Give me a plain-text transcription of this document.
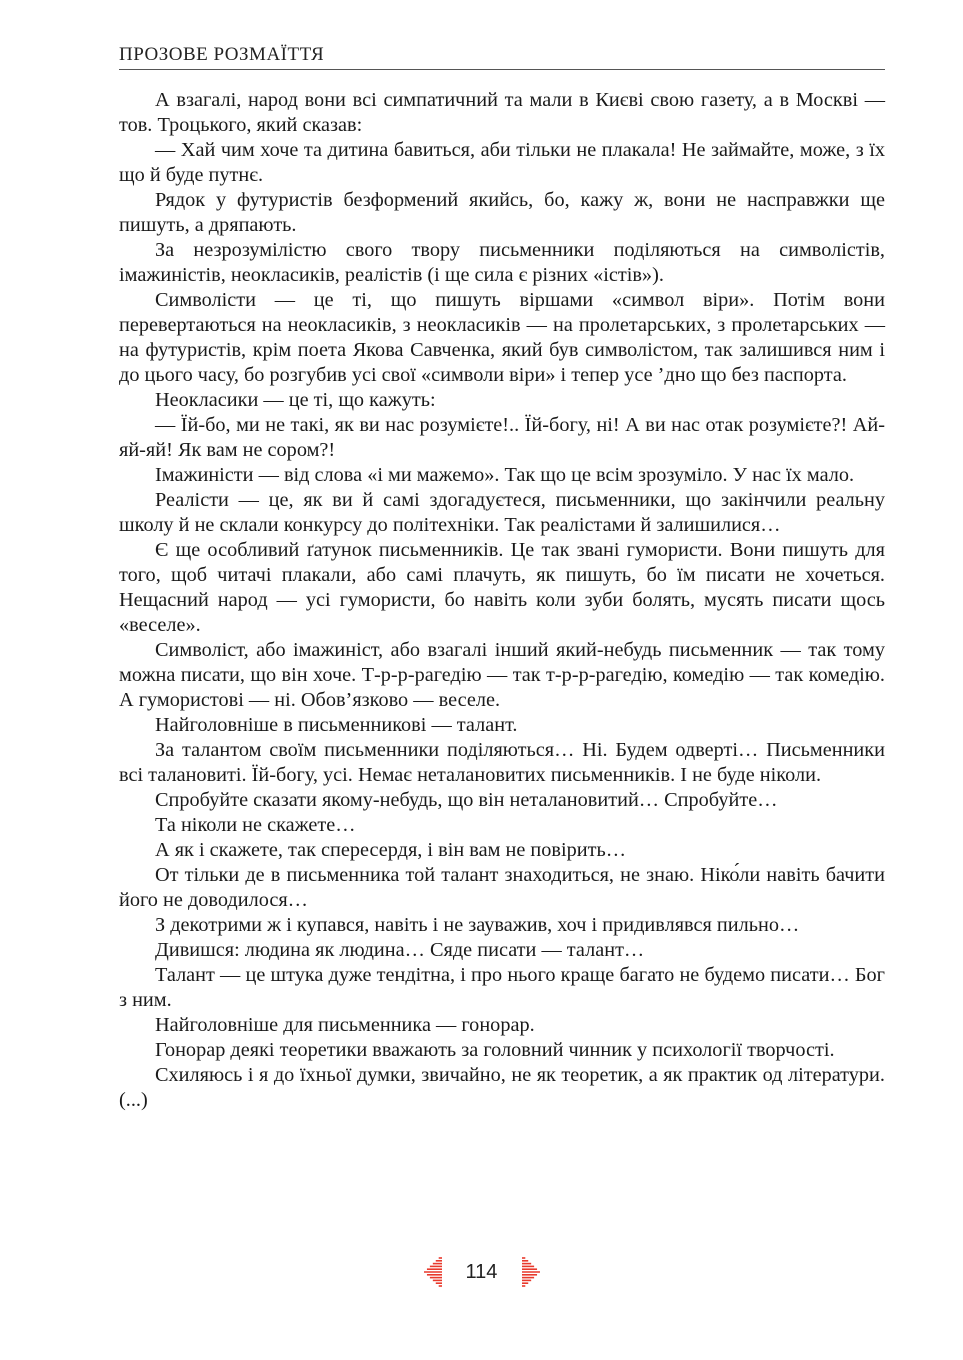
ПРОЗОВЕ РОЗМАЇТТЯ

А взагалі, народ вони всі симпатичний та мали в Києві свою газету, а в Москві — тов. Троцького, який сказав:

— Хай чим хоче та дитина бавиться, аби тільки не плакала! Не займайте, може, з їх що й буде путнє.

Рядок у футуристів безформений якийсь, бо, кажу ж, вони не насправжки ще пишуть, а дряпають.

За незрозумілістю свого твору письменники поділяються на символістів, імажиністів, неокласиків, реалістів (і ще сила є різних «істів»).

Символісти — це ті, що пишуть віршами «символ віри». Потім вони перевертаються на неокласиків, з неокласиків — на пролетарських, з пролетарських — на футуристів, крім поета Якова Савченка, який був символістом, так залишився ним і до цього часу, бо розгубив усі свої «символи віри» і тепер усе ’дно що без паспорта.

Неокласики — це ті, що кажуть:

— Їй-бо, ми не такі, як ви нас розумієте!.. Їй-богу, ні! А ви нас отак розумієте?! Ай-яй-яй! Як вам не сором?!

Імажиністи — від слова «і ми мажемо». Так що це всім зрозуміло. У нас їх мало.

Реалісти — це, як ви й самі здогадуєтеся, письменники, що закінчили реальну школу й не склали конкурсу до політехніки. Так реалістами й залишилися…

Є ще особливий ґатунок письменників. Це так звані гумористи. Вони пишуть для того, щоб читачі плакали, або самі плачуть, як пишуть, бо їм писати не хочеться. Нещасний народ — усі гумористи, бо навіть коли зуби болять, мусять писати щось «веселе».

Символіст, або імажиніст, або взагалі інший який-небудь письменник — так тому можна писати, що він хоче. Т-р-р-рагедію — так т-р-р-рагедію, комедію — так комедію. А гумористові — ні. Обов’язково — веселе.

Найголовніше в письменникові — талант.

За талантом своїм письменники поділяються… Ні. Будем одверті… Письменники всі талановиті. Їй-богу, усі. Немає неталановитих письменників. І не буде ніколи.

Спробуйте сказати якому-небудь, що він неталановитий… Спробуйте…

Та ніколи не скажете…

А як і скажете, так спересердя, і він вам не повірить…

От тільки де в письменника той талант знаходиться, не знаю. Ніко́ли навіть бачити його не доводилося…

З декотрими ж і купався, навіть і не зауважив, хоч і придивлявся пильно…

Дивишся: людина як людина… Сяде писати — талант…

Талант — це штука дуже тендітна, і про нього краще багато не будемо писати… Бог з ним.

Найголовніше для письменника — гонорар.

Гонорар деякі теоретики вважають за головний чинник у психології творчості.

Схиляюсь і я до їхньої думки, звичайно, не як теоретик, а як практик од літератури. (...)

114
